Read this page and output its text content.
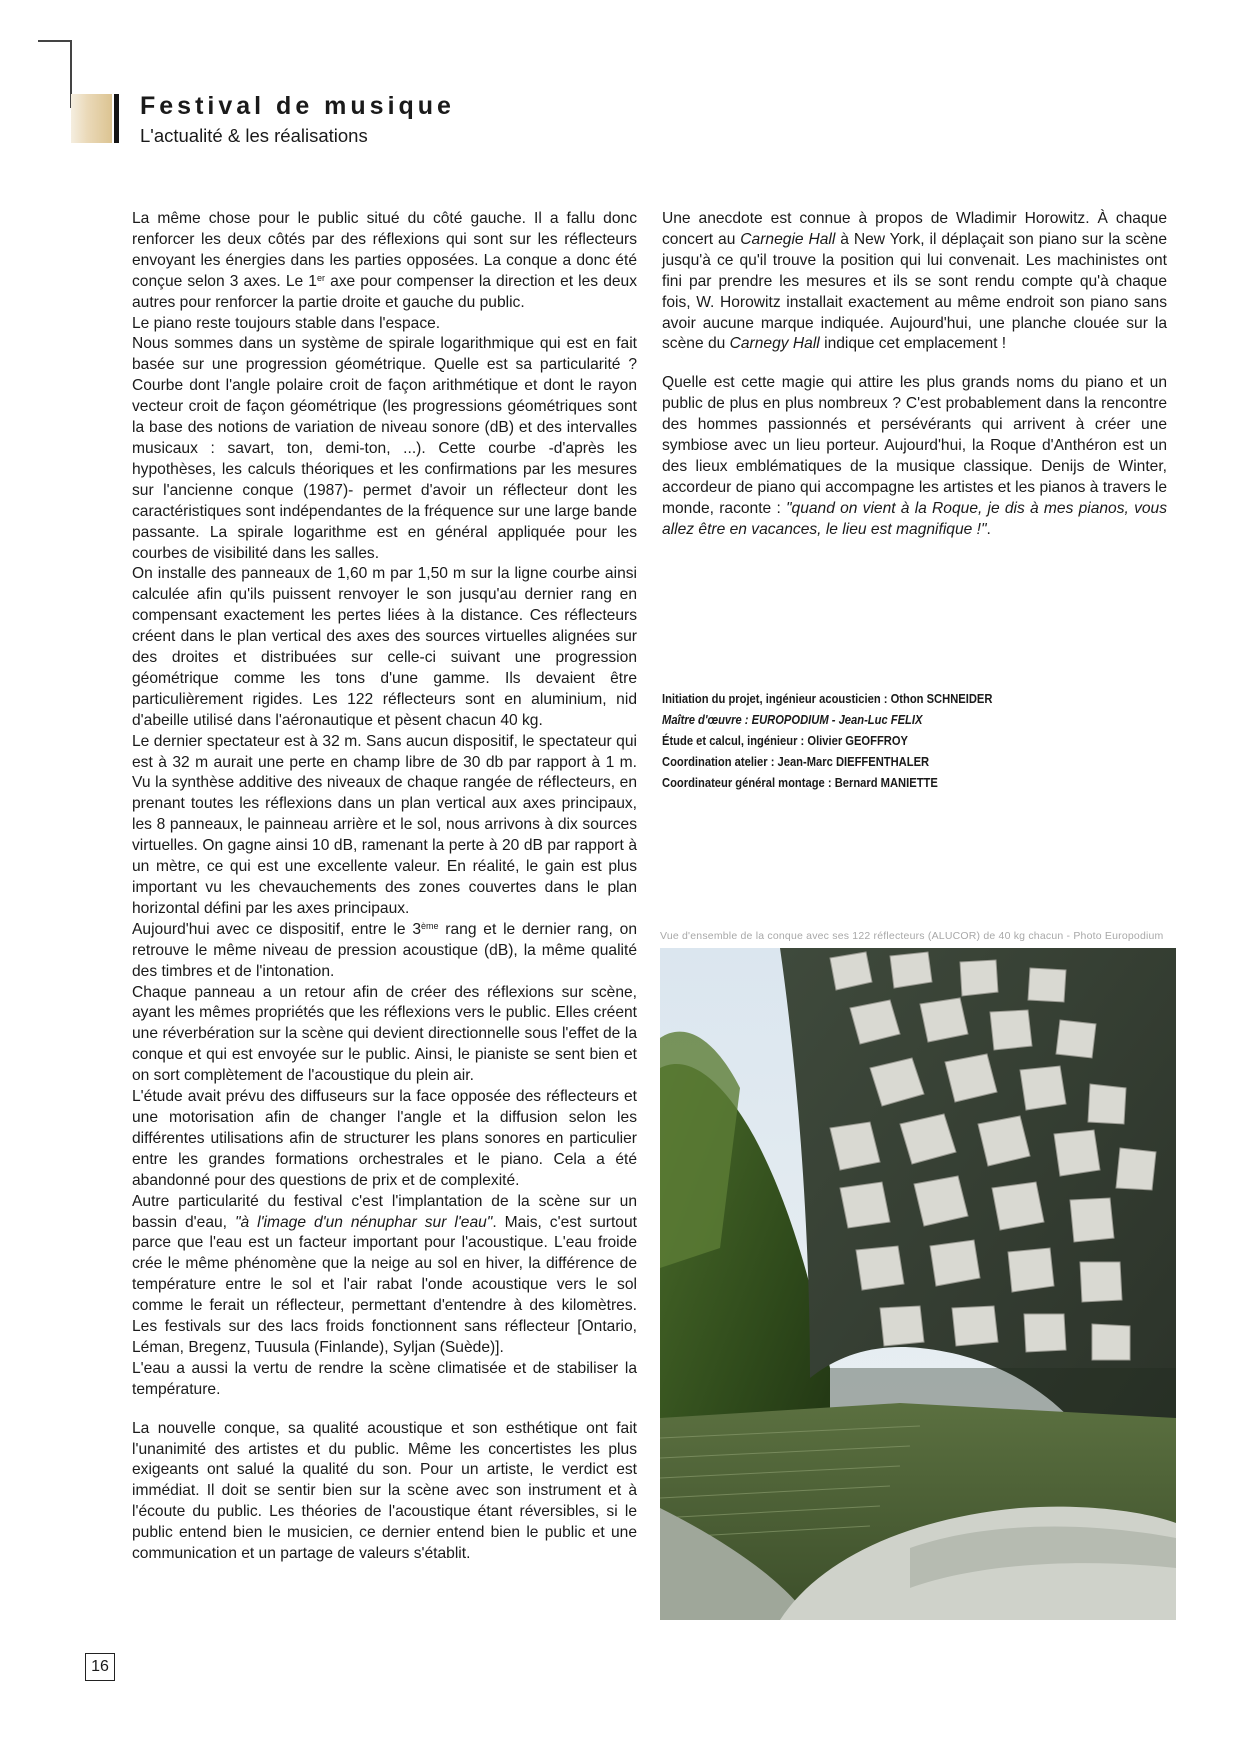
Festival de musique
L'actualité & les réalisations

La même chose pour le public situé du côté gauche. Il a fallu donc renforcer les deux côtés par des réflexions qui sont sur les réflecteurs envoyant les énergies dans les parties opposées. La conque a donc été conçue selon 3 axes. Le 1er axe pour compenser la direction et les deux autres pour renforcer la partie droite et gauche du public.

Le piano reste toujours stable dans l'espace.

Nous sommes dans un système de spirale logarithmique qui est en fait basée sur une progression géométrique. Quelle est sa particularité ? Courbe dont l'angle polaire croit de façon arithmétique et dont le rayon vecteur croit de façon géométrique (les progressions géométriques sont la base des notions de variation de niveau sonore (dB) et des intervalles musicaux : savart, ton, demi-ton, ...). Cette courbe -d'après les hypothèses, les calculs théoriques et les confirmations par les mesures sur l'ancienne conque (1987)- permet d'avoir un réflecteur dont les caractéristiques sont indépendantes de la fréquence sur une large bande passante. La spirale logarithme est en général appliquée pour les courbes de visibilité dans les salles.

On installe des panneaux de 1,60 m par 1,50 m sur la ligne courbe ainsi calculée afin qu'ils puissent renvoyer le son jusqu'au dernier rang en compensant exactement les pertes liées à la distance. Ces réflecteurs créent dans le plan vertical des axes des sources virtuelles alignées sur des droites et distribuées sur celle-ci suivant une progression géométrique comme les tons d'une gamme. Ils devaient être particulièrement rigides. Les 122 réflecteurs sont en aluminium, nid d'abeille utilisé dans l'aéronautique et pèsent chacun 40 kg.

Le dernier spectateur est à 32 m. Sans aucun dispositif, le spectateur qui est à 32 m aurait une perte en champ libre de 30 db par rapport à 1 m. Vu la synthèse additive des niveaux de chaque rangée de réflecteurs, en prenant toutes les réflexions dans un plan vertical aux axes principaux, les 8 panneaux, le painneau arrière et le sol, nous arrivons à dix sources virtuelles. On gagne ainsi 10 dB, ramenant la perte à 20 dB par rapport à un mètre, ce qui est une excellente valeur. En réalité, le gain est plus important vu les chevauchements des zones couvertes dans le plan horizontal défini par les axes principaux.

Aujourd'hui avec ce dispositif, entre le 3ème rang et le dernier rang, on retrouve le même niveau de pression acoustique (dB), la même qualité des timbres et de l'intonation.

Chaque panneau a un retour afin de créer des réflexions sur scène, ayant les mêmes propriétés que les réflexions vers le public. Elles créent une réverbération sur la scène qui devient directionnelle sous l'effet de la conque et qui est envoyée sur le public. Ainsi, le pianiste se sent bien et on sort complètement de l'acoustique du plein air.

L'étude avait prévu des diffuseurs sur la face opposée des réflecteurs et une motorisation afin de changer l'angle et la diffusion selon les différentes utilisations afin de structurer les plans sonores en particulier entre les grandes formations orchestrales et le piano. Cela a été abandonné pour des questions de prix et de complexité.

Autre particularité du festival c'est l'implantation de la scène sur un bassin d'eau, "à l'image d'un nénuphar sur l'eau". Mais, c'est surtout parce que l'eau est un facteur important pour l'acoustique. L'eau froide crée le même phénomène que la neige au sol en hiver, la différence de température entre le sol et l'air rabat l'onde acoustique vers le sol comme le ferait un réflecteur, permettant d'entendre à des kilomètres. Les festivals sur des lacs froids fonctionnent sans réflecteur [Ontario, Léman, Bregenz, Tuusula (Finlande), Syljan (Suède)].

L'eau a aussi la vertu de rendre la scène climatisée et de stabiliser la température.

La nouvelle conque, sa qualité acoustique et son esthétique ont fait l'unanimité des artistes et du public. Même les concertistes les plus exigeants ont salué la qualité du son. Pour un artiste, le verdict est immédiat. Il doit se sentir bien sur la scène avec son instrument et à l'écoute du public. Les théories de l'acoustique étant réversibles, si le public entend bien le musicien, ce dernier entend bien le public et une communication et un partage de valeurs s'établit.

Une anecdote est connue à propos de Wladimir Horowitz. À chaque concert au Carnegie Hall à New York, il déplaçait son piano sur la scène jusqu'à ce qu'il trouve la position qui lui convenait. Les machinistes ont fini par prendre les mesures et ils se sont rendu compte qu'à chaque fois, W. Horowitz installait exactement au même endroit son piano sans avoir aucune marque indiquée. Aujourd'hui, une planche clouée sur la scène du Carnegy Hall indique cet emplacement !

Quelle est cette magie qui attire les plus grands noms du piano et un public de plus en plus nombreux ? C'est probablement dans la rencontre des hommes passionnés et persévérants qui arrivent à créer une symbiose avec un lieu porteur. Aujourd'hui, la Roque d'Anthéron est un des lieux emblématiques de la musique classique. Denijs de Winter, accordeur de piano qui accompagne les artistes et les pianos à travers le monde, raconte : "quand on vient à la Roque, je dis à mes pianos, vous allez être en vacances, le lieu est magnifique !".

Initiation du projet, ingénieur acousticien : Othon SCHNEIDER
Maître d'œuvre : EUROPODIUM - Jean-Luc FELIX
Étude et calcul, ingénieur : Olivier GEOFFROY
Coordination atelier : Jean-Marc DIEFFENTHALER
Coordinateur général montage : Bernard MANIETTE
Vue d'ensemble de la conque avec ses 122 réflecteurs (ALUCOR) de 40 kg chacun - Photo Europodium
16
